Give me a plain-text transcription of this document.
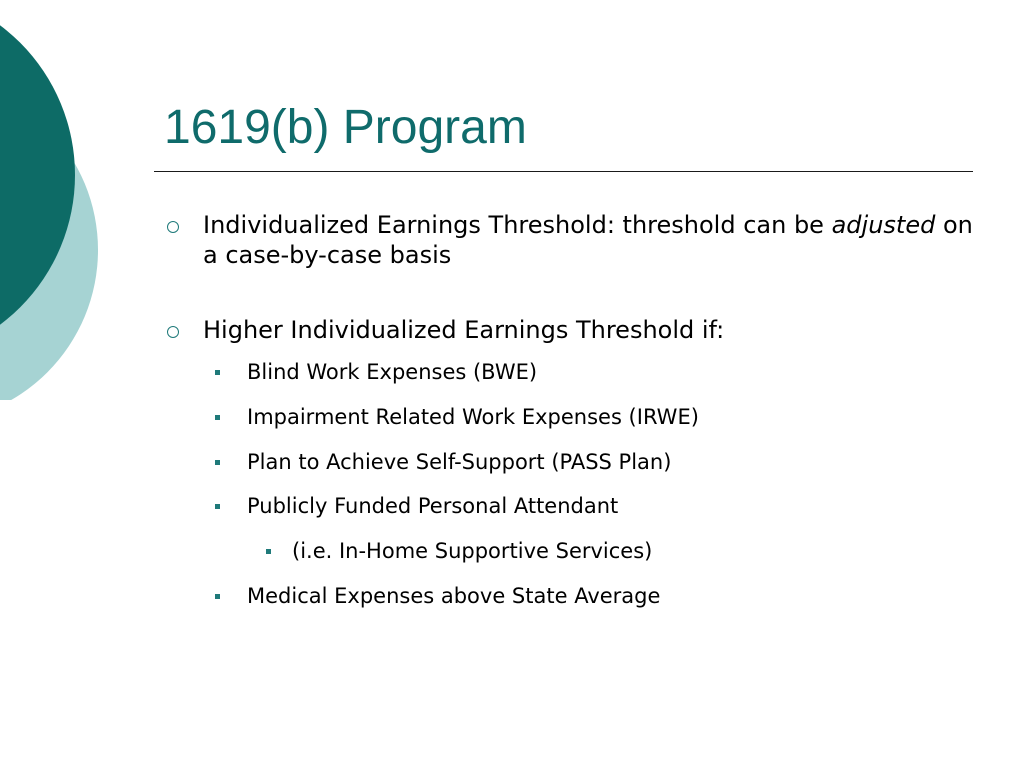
1619(b) Program
Individualized Earnings Threshold: threshold can be adjusted on a case-by-case basis
Higher Individualized Earnings Threshold if:
Blind Work Expenses (BWE)
Impairment Related Work Expenses (IRWE)
Plan to Achieve Self-Support (PASS Plan)
Publicly Funded Personal Attendant
(i.e. In-Home Supportive Services)
Medical Expenses above State Average
